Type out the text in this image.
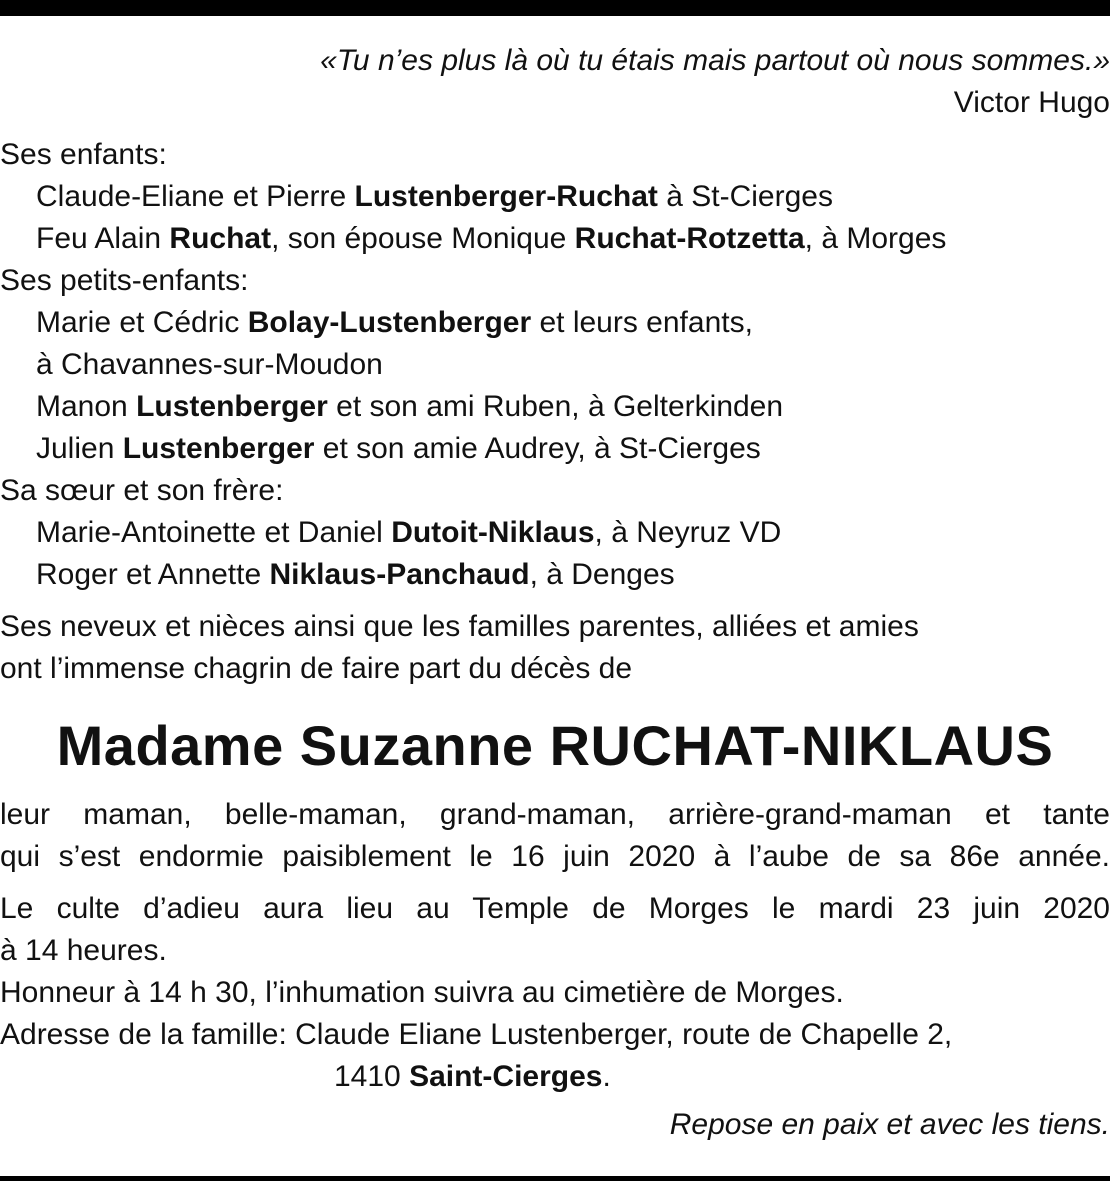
«Tu n’es plus là où tu étais mais partout où nous sommes.»
Victor Hugo
Ses enfants:
Claude-Eliane et Pierre Lustenberger-Ruchat à St-Cierges
Feu Alain Ruchat, son épouse Monique Ruchat-Rotzetta, à Morges
Ses petits-enfants:
Marie et Cédric Bolay-Lustenberger et leurs enfants,
à Chavannes-sur-Moudon
Manon Lustenberger et son ami Ruben, à Gelterkinden
Julien Lustenberger et son amie Audrey, à St-Cierges
Sa sœur et son frère:
Marie-Antoinette et Daniel Dutoit-Niklaus, à Neyruz VD
Roger et Annette Niklaus-Panchaud, à Denges
Ses neveux et nièces ainsi que les familles parentes, alliées et amies
ont l’immense chagrin de faire part du décès de
Madame Suzanne RUCHAT-NIKLAUS
leur maman, belle-maman, grand-maman, arrière-grand-maman et tante
qui s’est endormie paisiblement le 16 juin 2020 à l’aube de sa 86e année.
Le culte d’adieu aura lieu au Temple de Morges le mardi 23 juin 2020
à 14 heures.
Honneur à 14 h 30, l’inhumation suivra au cimetière de Morges.
Adresse de la famille: Claude Eliane Lustenberger, route de Chapelle 2,
1410 Saint-Cierges.
Repose en paix et avec les tiens.
